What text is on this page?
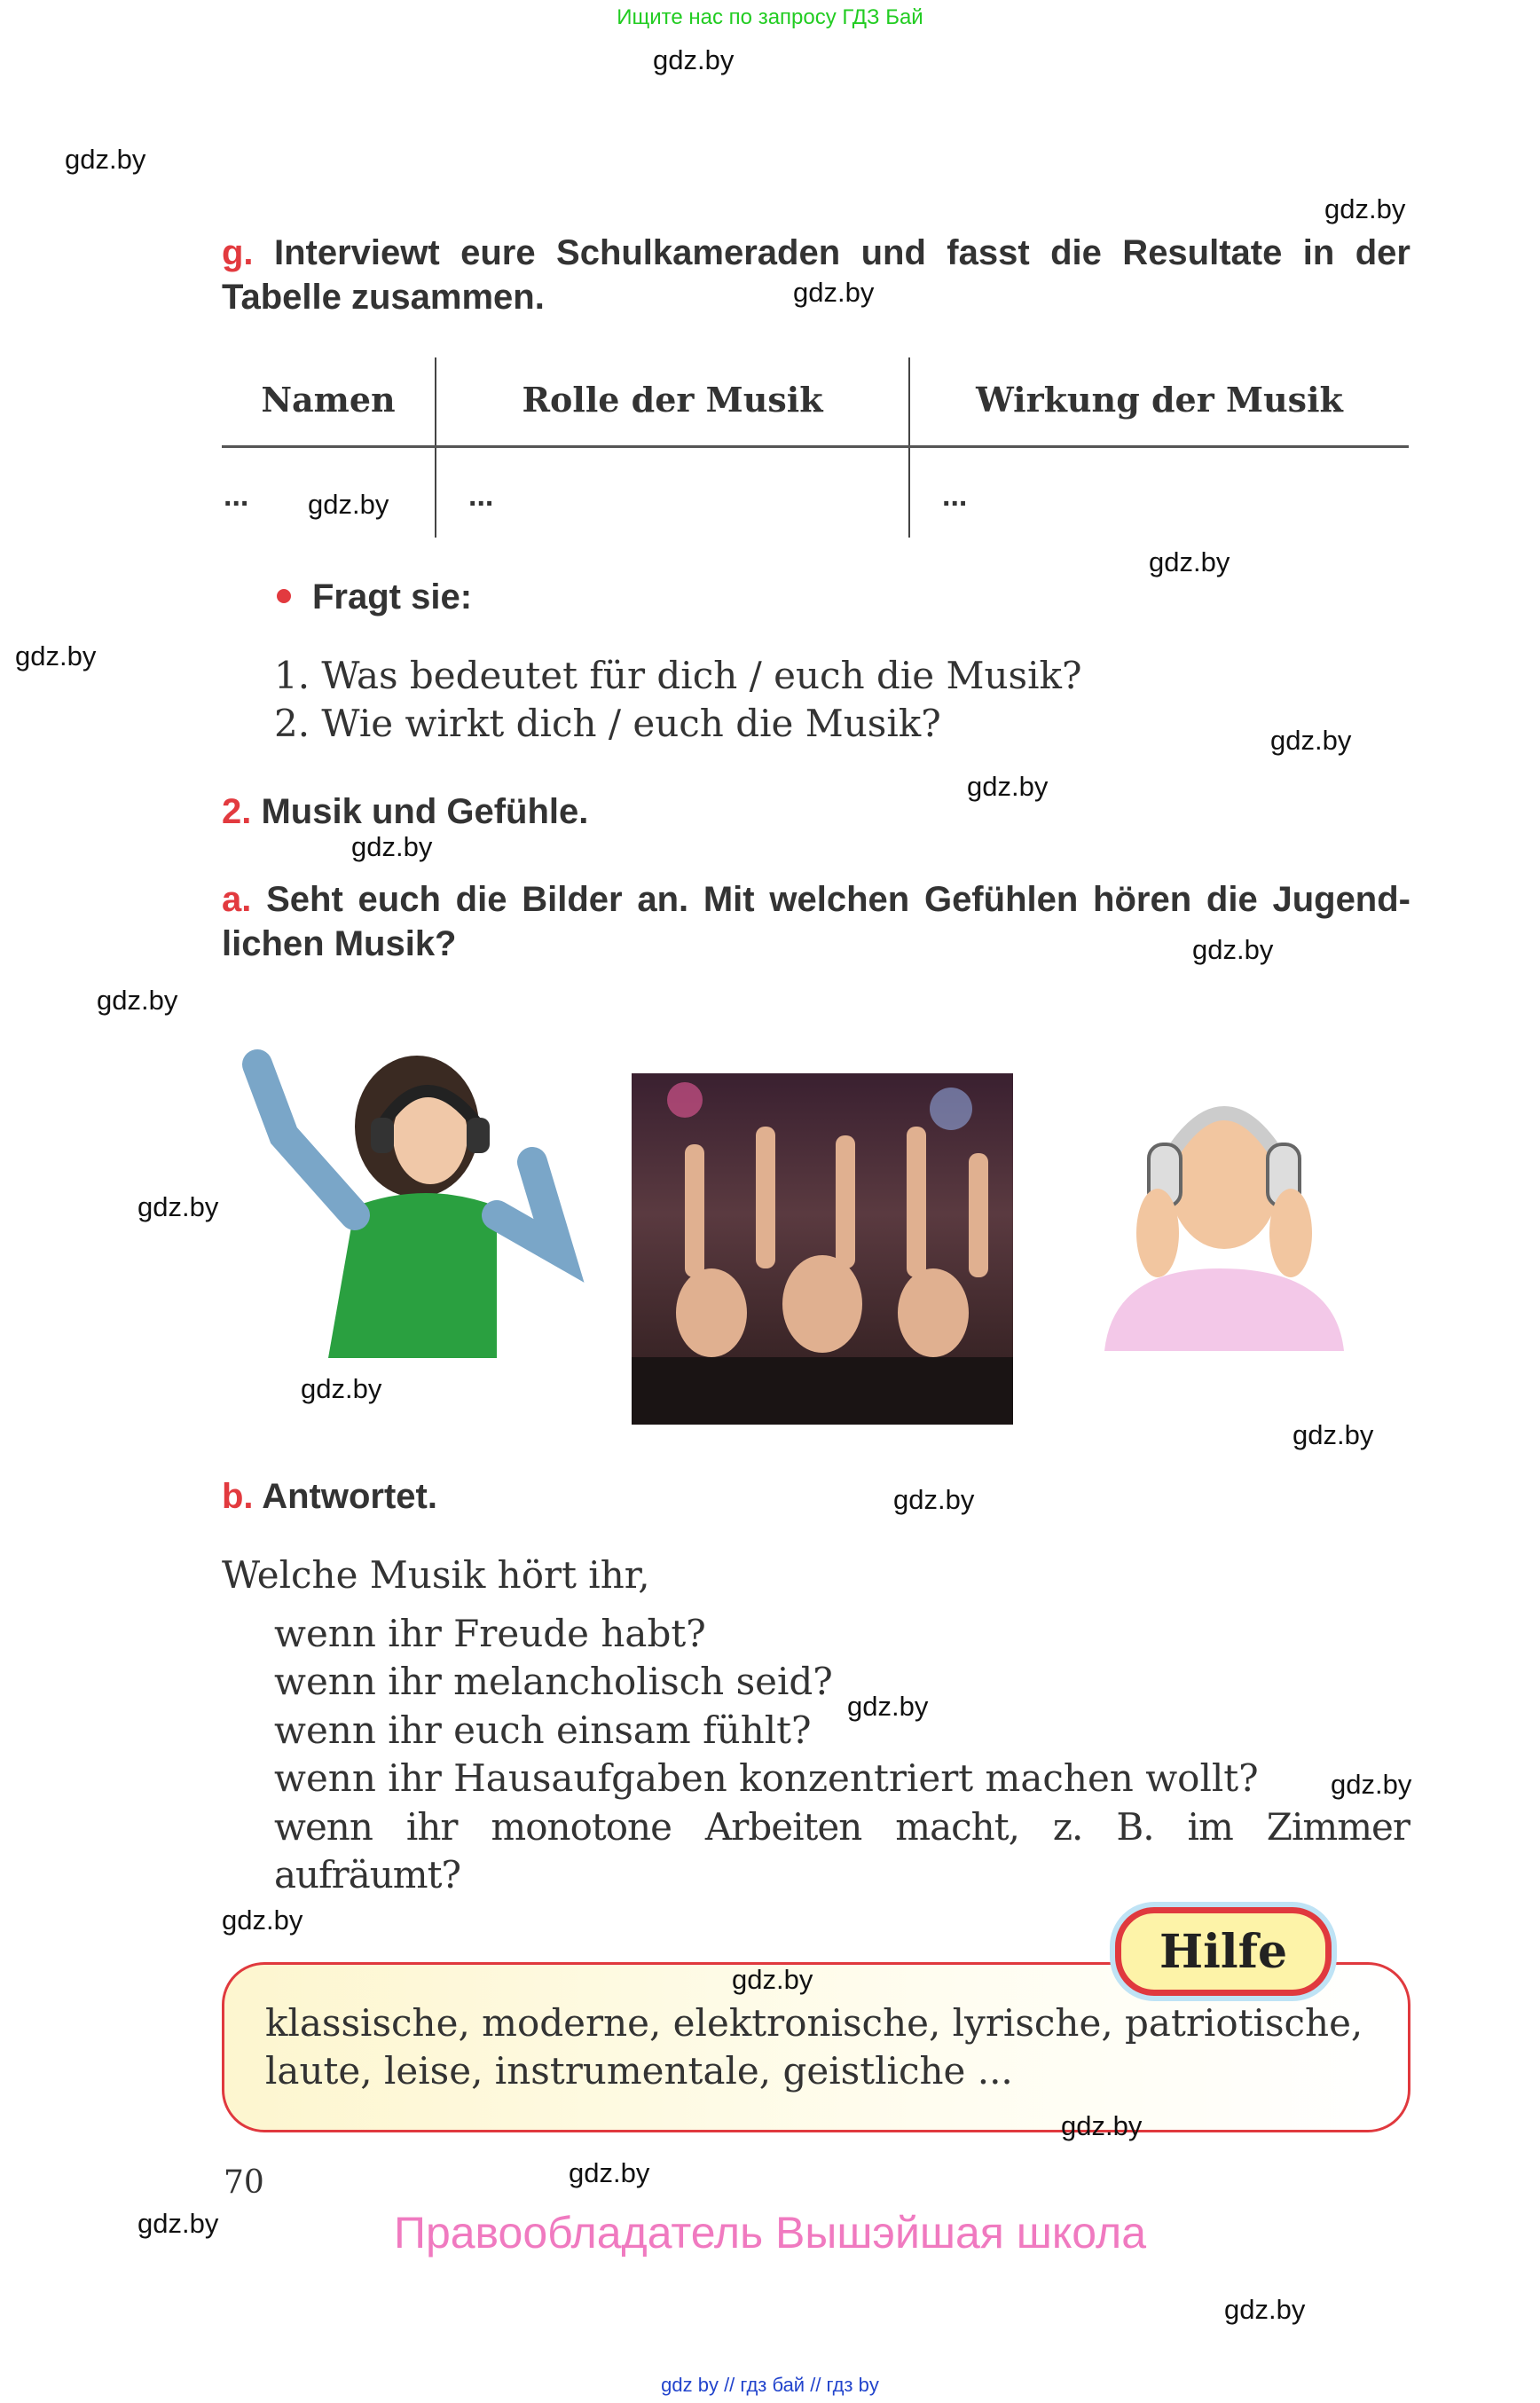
Ищите нас по запросу ГДЗ Бай
gdz.by
gdz.by
gdz.by
gdz.by
gdz.by
gdz.by
gdz.by
gdz.by
gdz.by
gdz.by
gdz.by
gdz.by
gdz.by
gdz.by
gdz.by
gdz.by
gdz.by
gdz.by
gdz.by
g. Interviewt eure Schulkameraden und fasst die Resultate in der
Tabelle zusammen.
Namen	Rolle der Musik	Wirkung der Musik
...	...	...
Fragt sie:
1. Was bedeutet für dich / euch die Musik?
2. Wie wirkt dich / euch die Musik?
2. Musik und Gefühle.
a. Seht euch die Bilder an. Mit welchen Gefühlen hören die Jugend-
lichen Musik?
b. Antwortet.
Welche Musik hört ihr,
wenn ihr Freude habt?
wenn ihr melancholisch seid?
wenn ihr euch einsam fühlt?
wenn ihr Hausaufgaben konzentriert machen wollt?
wenn ihr monotone Arbeiten macht, z. B. im Zimmer aufräumt?
Hilfe
klassische, moderne, elektronische, lyrische, patriotische,
laute, leise, instrumentale, geistliche ...
gdz.by
gdz.by
70	gdz.by
gdz.by	Правообладатель Вышэйшая школа
gdz.by
gdz by // гдз бай // гдз by
